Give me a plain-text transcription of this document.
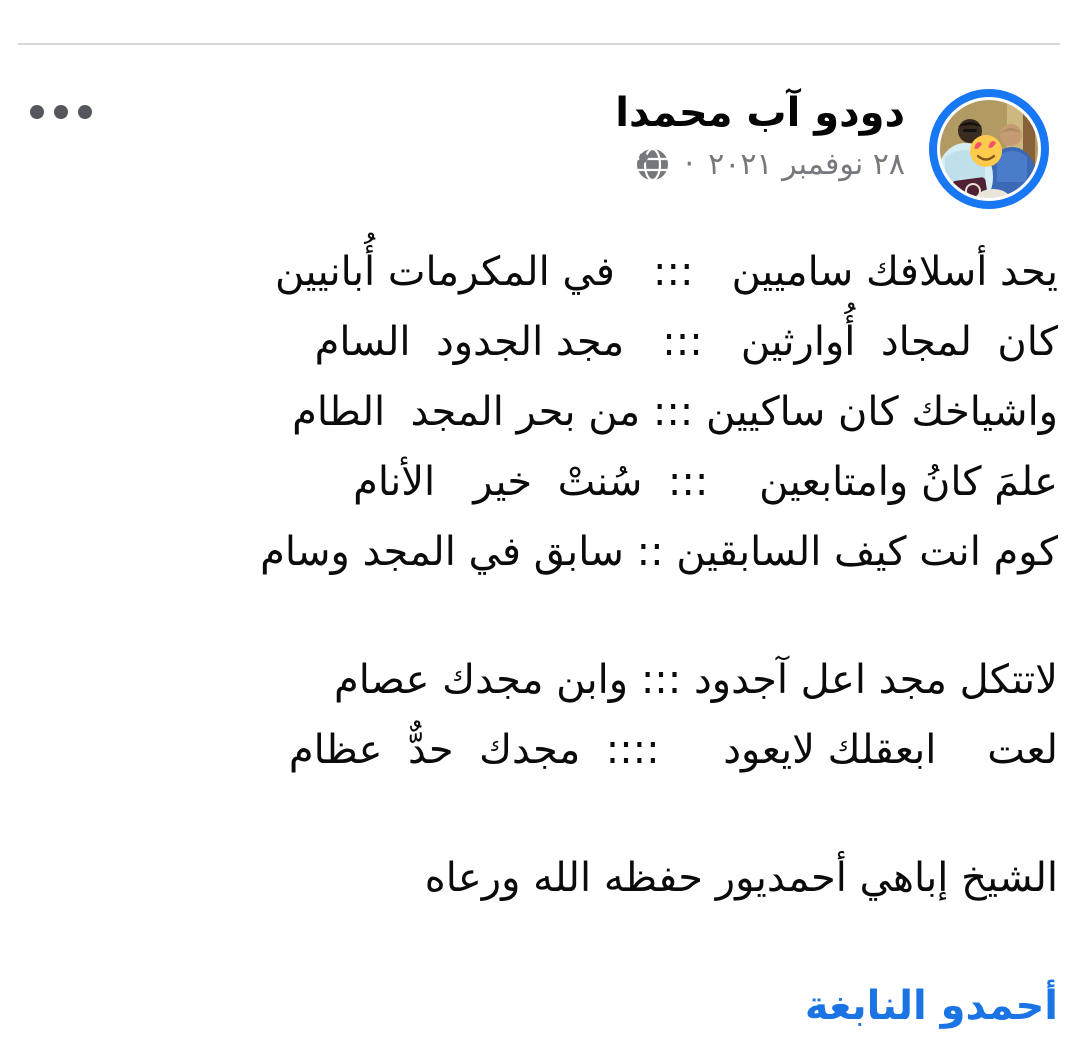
دودو آب محمدا
٢٨ نوفمبر ٢٠٢١
·

يحد أسلافك ساميين   :::   في المكرمات أُبانيين
كان  لمجاد  أُوارثين   :::   مجد الجدود  السام
واشياخك كان ساكيين ::: من بحر المجد  الطام
علمَ كانُ وامتابعين    :::  سُنتْ  خير   الأنام
كوم انت كيف السابقين :: سابق في المجد وسام

لاتتكل مجد اعل آجدود ::: وابن مجدك عصام
لعت    ابعقلك لايعود     ::::  مجدك  حدٌّ  عظام

الشيخ إباهي أحمديور حفظه الله ورعاه

أحمدو النابغة
